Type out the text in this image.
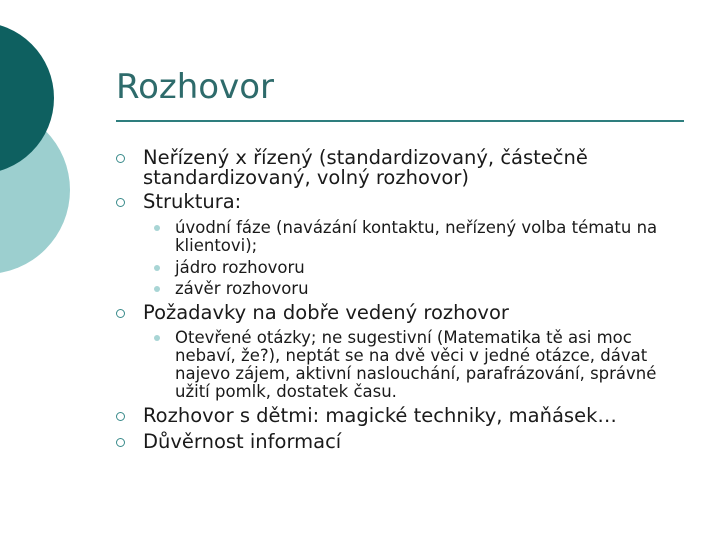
Rozhovor
Neřízený x řízený (standardizovaný, částečně standardizovaný, volný rozhovor)
Struktura:
úvodní fáze (navázání kontaktu, neřízený volba tématu na klientovi);
jádro rozhovoru
závěr rozhovoru
Požadavky na dobře vedený rozhovor
Otevřené otázky; ne sugestivní (Matematika tě asi moc nebaví, že?), neptát se na dvě věci v jedné otázce, dávat najevo zájem, aktivní naslouchání, parafrázování, správné užití pomlk, dostatek času.
Rozhovor s dětmi: magické techniky, maňásek…
Důvěrnost informací
